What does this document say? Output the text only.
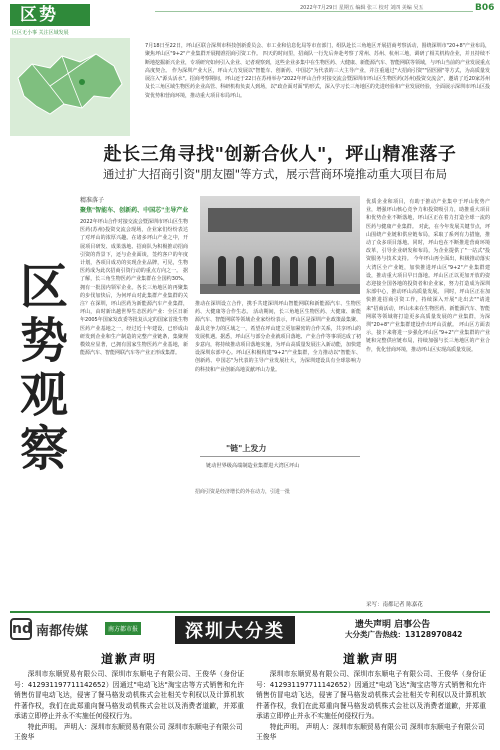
区势
区区无小事 关注区域发展
2022年7月29日 星期五 编辑 张三 校对 刘四 美编 吴五	B06
7月18日至22日，坪山区联合深圳市科技创新委员会、市工业和信息化局等市直部门，组队赴长三角地区开展招商考察活动，围绕深圳市"20+8"产业布局，聚焦坪山区"9+2"产业集群开展精准招商引资工作。 四天的时间里，招商队一行先后奔赴考察了常州、苏州、杭州三地，调研了相关机构企业，并且持续不断地挖掘新兴企业，专项研究如何引入企业、记者观察到，这些企业多集中在生物医药、大健康、新能源汽车、智能网联等领域，与坪山当前的产业发展重点高度契合。 作为深圳产业大区，坪山大力发展以"智能车、创新药、中国芯"为代表的三大主导产业，并注重通过"大招商引资""固医圈"等方式，为高质量发展注入"源头活水"。招商考察期间，坪山还于22日在苏州举办"2022年坪山合作对接交流会暨深圳市坪山区生物医药(苏州)投资交流会"，邀请了近20家苏州及长三角区域生物医药企业高管、科研机构负责人到场，以"政企面对面"的形式，深入学习长三角地区的先进经验和产业发展经验，全面展示深圳市坪山区投资优势和营商环境，推动重大项目布局坪山。
赴长三角寻找"创新合伙人"，坪山精准落子
通过扩大招商引资"朋友圈"等方式，展示营商环境推动重大项目布局
精准落子
聚焦"智能车、创新药、中国芯"主导产业
区
势
观
察
2022年坪山合作对接交流会暨深圳市坪山区生物医药(苏州)投资交流会现场，企业家们纷纷表达了对坪山的浓厚兴趣。在诸多坪山产业之中，开展项目研发、成果落地、招商队为积极推动招商引资的背景下，还与企业面谈，签约客户的年度计划，各项目成功的实现企业品牌，可见，生物医药成为此次招商引资行动的重点方向之一。 据了解，长三角生物医药产业集群在全国约30%，拥有一批国内领军企业。各长三角地区的再聚集的步伐加快后，为何坪山对此集群产业集群的关注？在深圳，坪山医药为新能源汽车产业集群，坪山，由时新出越世界生态医药产业：全区日新年2005年国家发改委等批复认定的国家首批生物医药产业基地之一，经过近十年建设，已形成由研发到企业和生产制造的完整产业链条，集聚规模效应显著，已拥有国家生物医药产业基地，新能源汽车、智能网联汽车等产业正形成集群。
推动在深圳设立合作，携手共建深圳坪山智能网联和新能源汽车、生物医药、大健康等合作生态。 活动期间，长三角地区生物医药、大健康、新能源汽车、智能网联等领域企业家纷纷表示，坪山区是深圳产业政策最集聚、最具竞争力的区域之一，希望在坪山建立更加紧密的合作关系，共享坪山的发展机遇。据悉，坪山区与部分企业就项目落地、产业合作等事项达成了初步意向，将持续推动项目落地实施，为坪山高质量发展注入新动能，加快建设深圳东部中心。坪山区积极构建"9+2"产业集群，全力推动以"智能车、创新药、中国芯"为代表的主导产业发展壮大，为深圳建设具有全球影响力的科技和产业创新高地贡献坪山力量。
"链"上发力
链动世界级高端制造业集群进大湾区坪山
招商引资是经济增长的外在动力，引进一批
优质企业和项目，有助于推动产业集中于坪山优势产业，增强坪山核心竞争力和投资吸引力，助推重大项目和优势企业不断落地，坪山区正在着力打造全球一流的医药与健康产业集群。 对此，在今年发展关键节点，坪山围绕产业链和供应链布局，采取了系列有力措施，推动了众多项目落地。同时，坪山也在不断推进营商环境改革，引导企业研发和布局，为企业提供了"一站式"投资服务与技术支持。 今年坪山再全面出，积极推动落实大湾区全产业链，加快推进坪山区"9+2"产业集群建设，推动重大项目早日落地。坪山区正以更加开放的姿态迎接全国各地的投资者和企业家，努力打造成为深圳东部中心，推动坪山高质量发展。 同时，坪山区正在加快推进招商引资工作，持续深入开展"走出去""请进来"招商活动，坪山未来在生物医药、新能源汽车、智能网联等领域将打造更多高质量发展的产业集群，为深圳"20+8"产业集群建设作出坪山贡献。 坪山区方面表示，接下来将进一步强化坪山区"9+2"产业集群的产业链和完整供应链布局，持续加强与长三角地区的产业合作，优化营商环境，推动坪山区实现高质量发展。
采写：南都记者 陈嘉花
nd 南都传媒	南方都市报	深圳大分类	遗失声明 启事公告
大分类广告热线：13128970842
道歉声明
深圳市东顺贸易有限公司、深圳市东顺电子有限公司、王俊华（身份证号：412931197711142652）因通过"电动飞达"淘宝店等方式销售和允许销售仿冒电动飞达，侵害了餐马格发动机株式会社相关专利权以及计算机软件著作权，我们在此郑重向餐马格发动机株式会社以及消费者道歉，并郑重承诺立即停止并永不实施任何侵权行为。
特此声明。 声明人：深圳市东顺贸易有限公司 深圳市东顺电子有限公司 王俊华
道歉声明
深圳市东顺贸易有限公司、深圳市东顺电子有限公司、王俊华（身份证号：412931197711142652）因通过"电动飞达"淘宝店等方式销售和允许销售仿冒电动飞达，侵害了餐马格发动机株式会社相关专利权以及计算机软件著作权，我们在此郑重向餐马格发动机株式会社以及消费者道歉，并郑重承诺立即停止并永不实施任何侵权行为。
特此声明。 声明人：深圳市东顺贸易有限公司 深圳市东顺电子有限公司 王俊华
